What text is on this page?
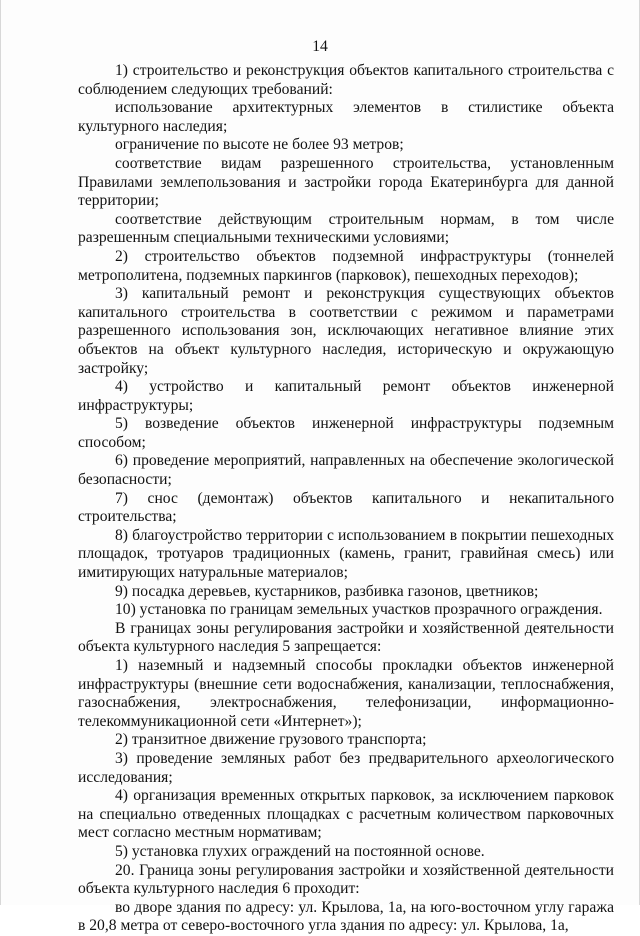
14

1) строительство и реконструкция объектов капитального строительства с соблюдением следующих требований:

использование архитектурных элементов в стилистике объекта культурного наследия;

ограничение по высоте не более 93 метров;

соответствие видам разрешенного строительства, установленным Правилами землепользования и застройки города Екатеринбурга для данной территории;

соответствие действующим строительным нормам, в том числе разрешенным специальными техническими условиями;

2) строительство объектов подземной инфраструктуры (тоннелей метрополитена, подземных паркингов (парковок), пешеходных переходов);

3) капитальный ремонт и реконструкция существующих объектов капитального строительства в соответствии с режимом и параметрами разрешенного использования зон, исключающих негативное влияние этих объектов на объект культурного наследия, историческую и окружающую застройку;

4) устройство и капитальный ремонт объектов инженерной инфраструктуры;

5) возведение объектов инженерной инфраструктуры подземным способом;

6) проведение мероприятий, направленных на обеспечение экологической безопасности;

7) снос (демонтаж) объектов капитального и некапитального строительства;

8) благоустройство территории с использованием в покрытии пешеходных площадок, тротуаров традиционных (камень, гранит, гравийная смесь) или имитирующих натуральные материалов;

9) посадка деревьев, кустарников, разбивка газонов, цветников;

10) установка по границам земельных участков прозрачного ограждения.

В границах зоны регулирования застройки и хозяйственной деятельности объекта культурного наследия 5 запрещается:

1) наземный и надземный способы прокладки объектов инженерной инфраструктуры (внешние сети водоснабжения, канализации, теплоснабжения, газоснабжения, электроснабжения, телефонизации, информационно-телекоммуникационной сети «Интернет»);

2) транзитное движение грузового транспорта;

3) проведение земляных работ без предварительного археологического исследования;

4) организация временных открытых парковок, за исключением парковок на специально отведенных площадках с расчетным количеством парковочных мест согласно местным нормативам;

5) установка глухих ограждений на постоянной основе.

20. Граница зоны регулирования застройки и хозяйственной деятельности объекта культурного наследия 6 проходит:

во дворе здания по адресу: ул. Крылова, 1а, на юго-восточном углу гаража в 20,8 метра от северо-восточного угла здания по адресу: ул. Крылова, 1а,
